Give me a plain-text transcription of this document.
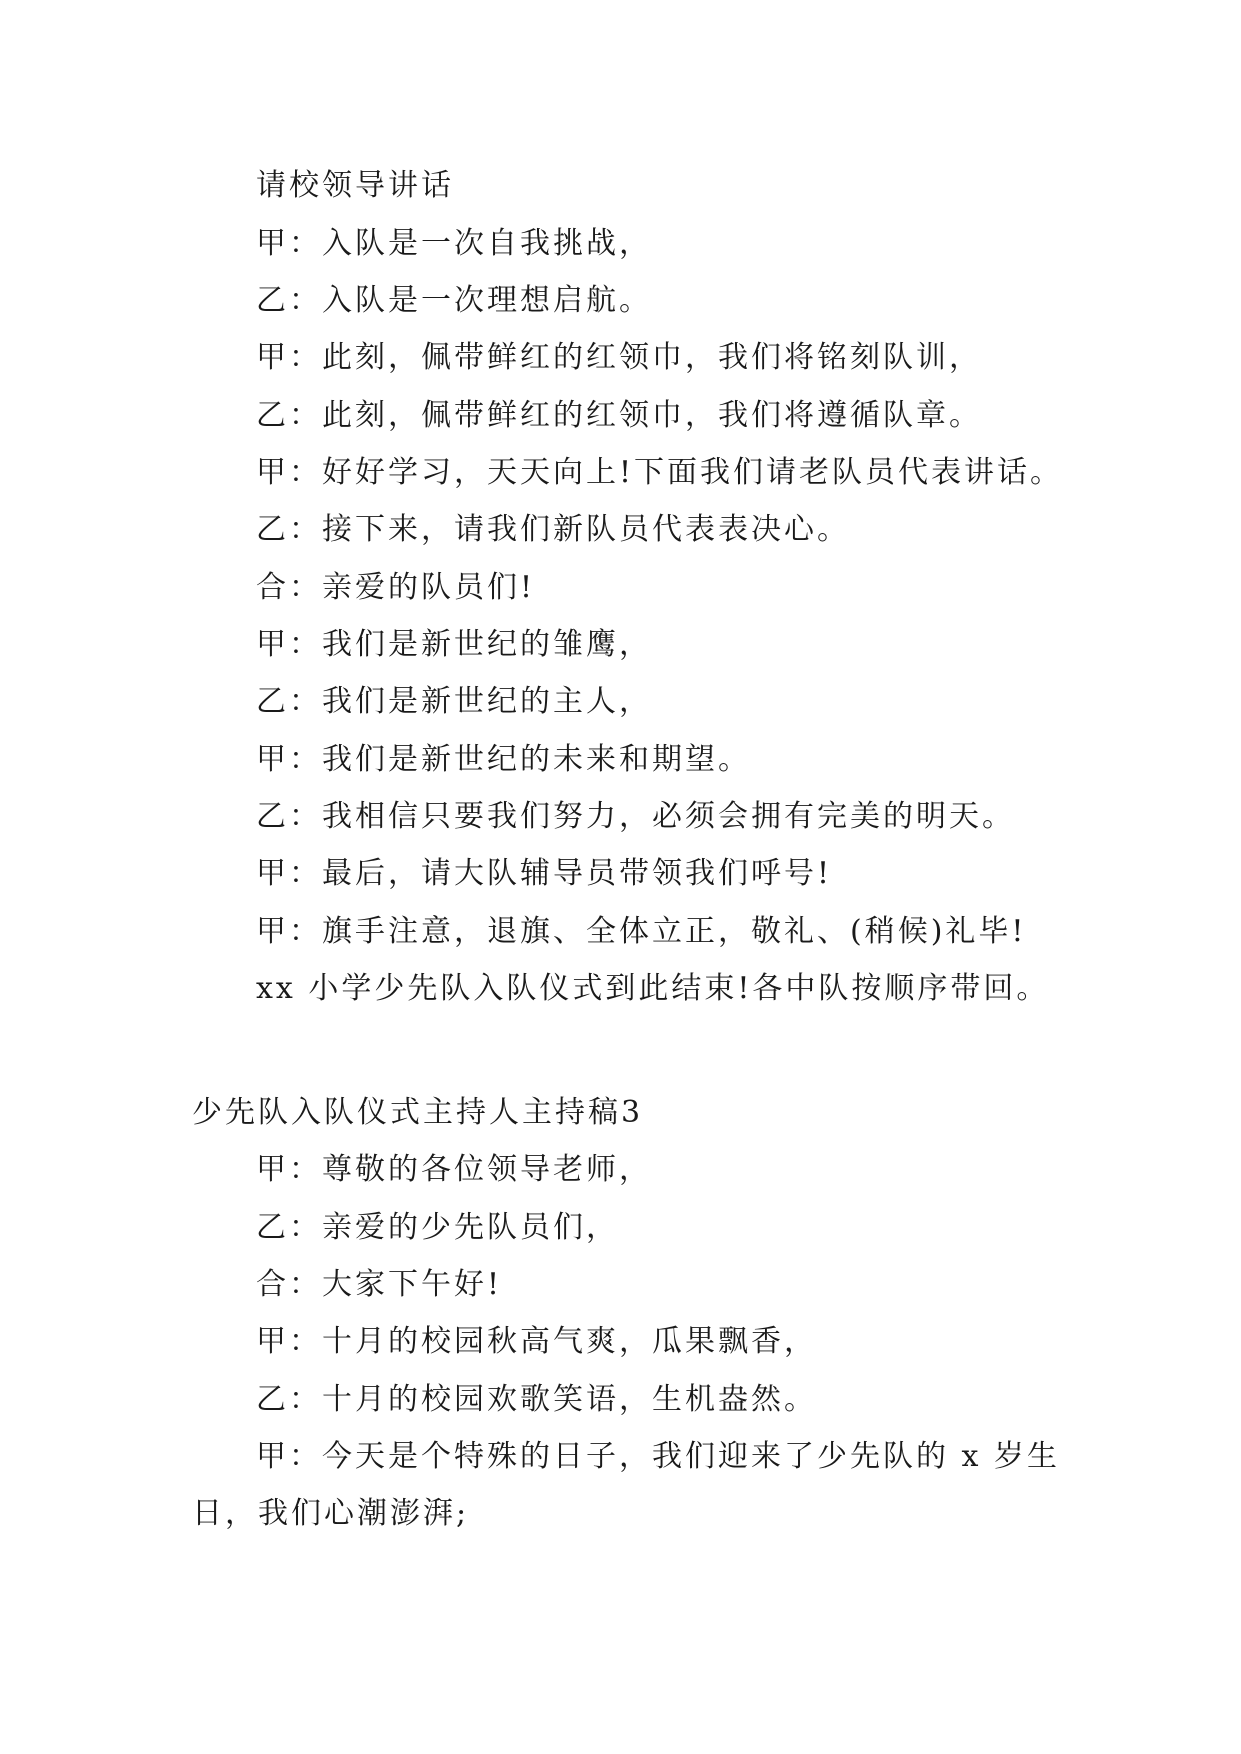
请校领导讲话
甲：入队是一次自我挑战，
乙：入队是一次理想启航。
甲：此刻，佩带鲜红的红领巾，我们将铭刻队训，
乙：此刻，佩带鲜红的红领巾，我们将遵循队章。
甲：好好学习，天天向上!下面我们请老队员代表讲话。
乙：接下来，请我们新队员代表表决心。
合：亲爱的队员们!
甲：我们是新世纪的雏鹰，
乙：我们是新世纪的主人，
甲：我们是新世纪的未来和期望。
乙：我相信只要我们努力，必须会拥有完美的明天。
甲：最后，请大队辅导员带领我们呼号!
甲：旗手注意，退旗、全体立正，敬礼、(稍候)礼毕!
xx 小学少先队入队仪式到此结束!各中队按顺序带回。
少先队入队仪式主持人主持稿3
甲：尊敬的各位领导老师，
乙：亲爱的少先队员们，
合：大家下午好!
甲：十月的校园秋高气爽，瓜果飘香，
乙：十月的校园欢歌笑语，生机盎然。
甲：今天是个特殊的日子，我们迎来了少先队的 x 岁生
日，我们心潮澎湃;
